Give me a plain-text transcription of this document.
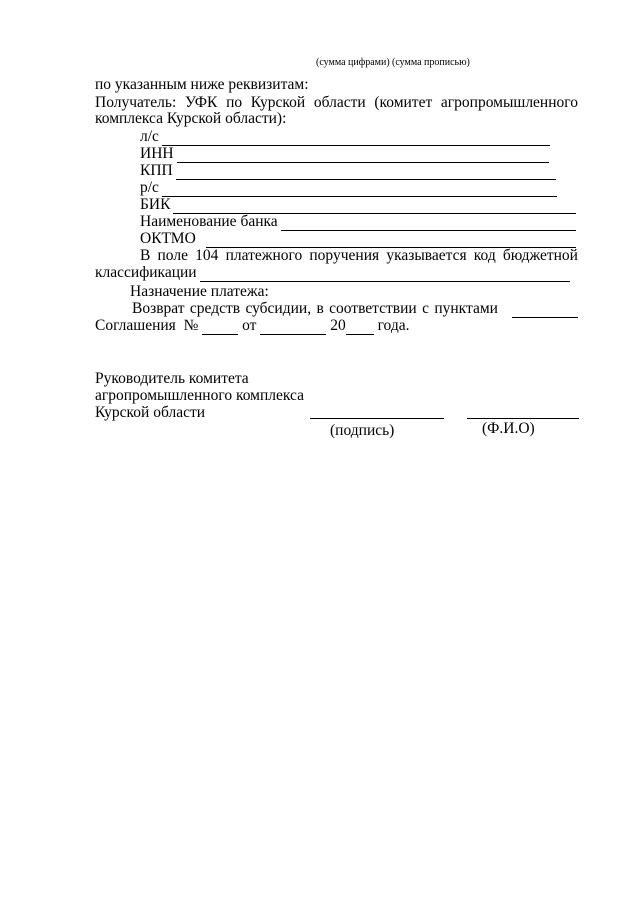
(сумма цифрами) (сумма прописью)
по указанным ниже реквизитам:
Получатель: УФК по Курской области (комитет агропромышленного
комплекса Курской области):
л/с
ИНН
КПП
р/с
БИК
Наименование банка
ОКТМО
В поле 104 платежного поручения указывается код бюджетной
классификации
Назначение платежа:
Возврат средств субсидии, в соответствии с пунктами
Соглашения №	от	20 года.
Руководитель комитета
агропромышленного комплекса
Курской области
(подпись)	(Ф.И.О)
